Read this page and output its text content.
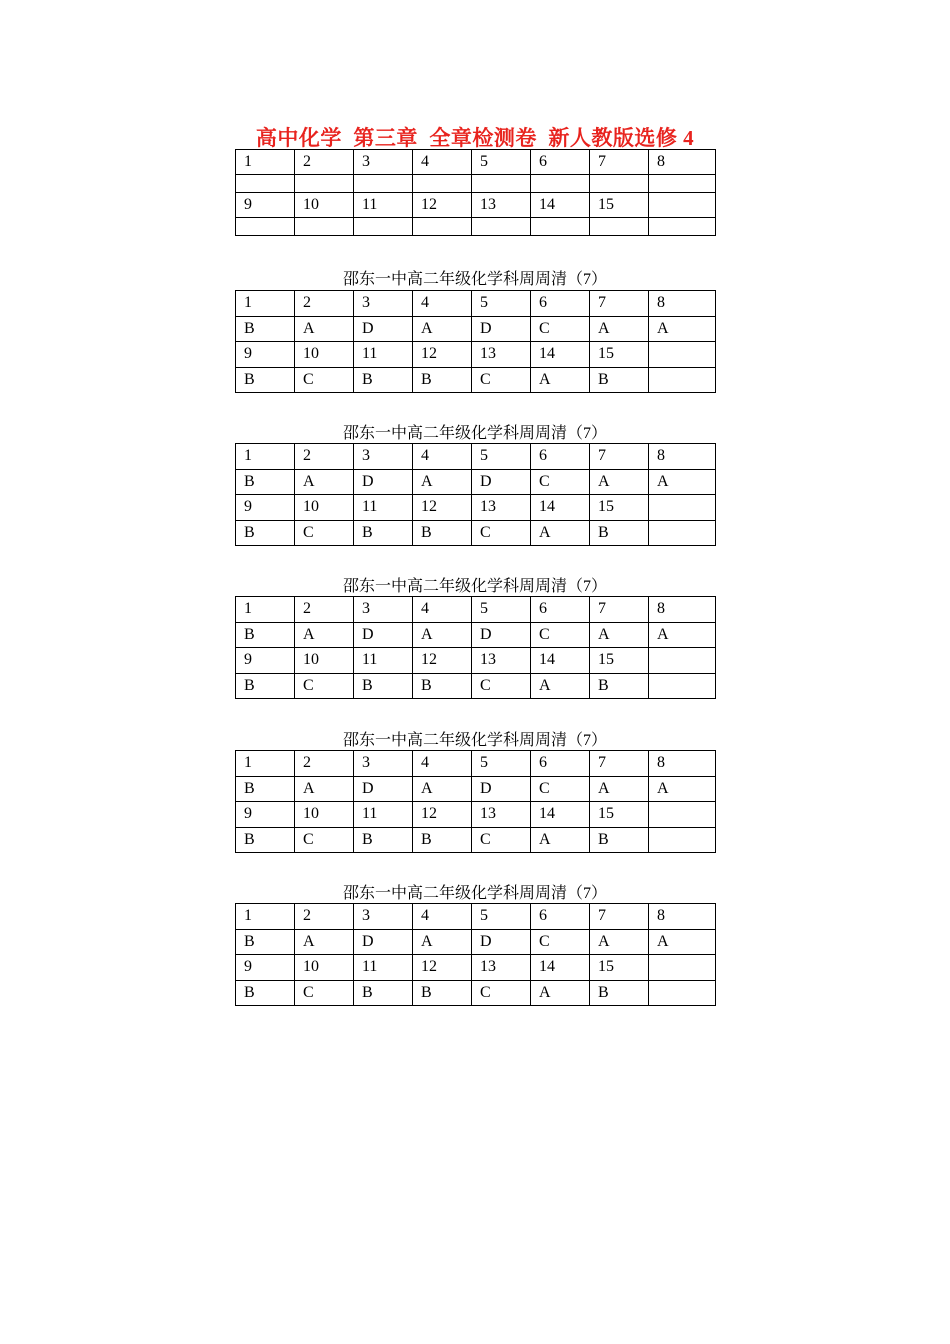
高中化学  第三章  全章检测卷  新人教版选修 4
1	2	3	4	5	6	7	8

9	10	11	12	13	14	15	

邵东一中高二年级化学科周周清（7）
1	2	3	4	5	6	7	8
B	A	D	A	D	C	A	A
9	10	11	12	13	14	15	
B	C	B	B	C	A	B	
邵东一中高二年级化学科周周清（7）
1	2	3	4	5	6	7	8
B	A	D	A	D	C	A	A
9	10	11	12	13	14	15	
B	C	B	B	C	A	B	
邵东一中高二年级化学科周周清（7）
1	2	3	4	5	6	7	8
B	A	D	A	D	C	A	A
9	10	11	12	13	14	15	
B	C	B	B	C	A	B	
邵东一中高二年级化学科周周清（7）
1	2	3	4	5	6	7	8
B	A	D	A	D	C	A	A
9	10	11	12	13	14	15	
B	C	B	B	C	A	B	
邵东一中高二年级化学科周周清（7）
1	2	3	4	5	6	7	8
B	A	D	A	D	C	A	A
9	10	11	12	13	14	15	
B	C	B	B	C	A	B	
